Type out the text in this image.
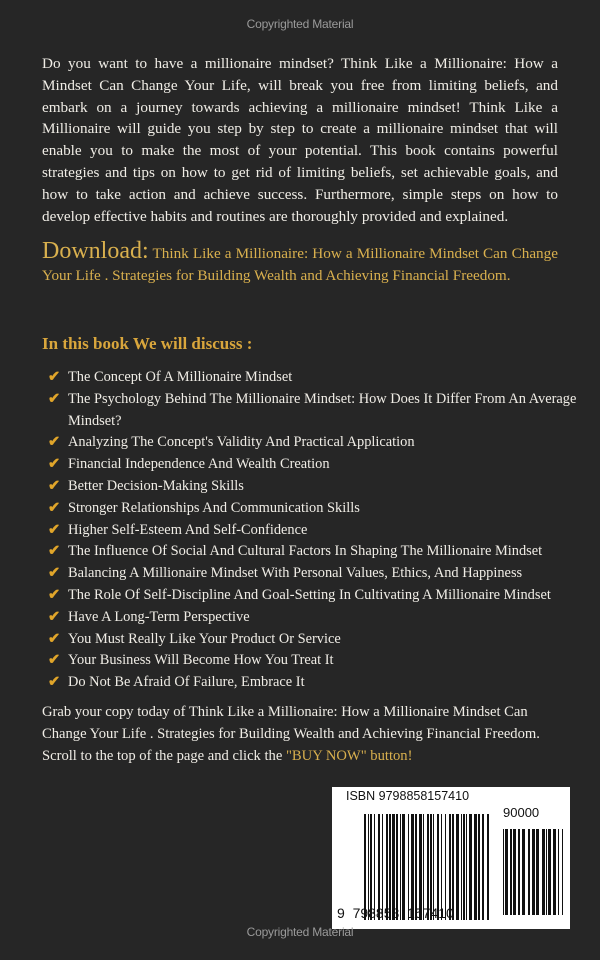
Copyrighted Material

Do you want to have a millionaire mindset? Think Like a Millionaire: How a Mindset Can Change Your Life, will break you free from limiting beliefs, and embark on a journey towards achieving a millionaire mindset! Think Like a Millionaire will guide you step by step to create a millionaire mindset that will enable you to make the most of your potential. This book contains powerful strategies and tips on how to get rid of limiting beliefs, set achievable goals, and how to take action and achieve success. Furthermore, simple steps on how to develop effective habits and routines are thoroughly provided and explained.

Download: Think Like a Millionaire: How a Millionaire Mindset Can Change Your Life . Strategies for Building Wealth and Achieving Financial Freedom.

In this book We will discuss :
✔ The Concept Of A Millionaire Mindset
✔ The Psychology Behind The Millionaire Mindset: How Does It Differ From An Average Mindset?
✔ Analyzing The Concept's Validity And Practical Application
✔ Financial Independence And Wealth Creation
✔ Better Decision-Making Skills
✔ Stronger Relationships And Communication Skills
✔ Higher Self-Esteem And Self-Confidence
✔ The Influence Of Social And Cultural Factors In Shaping The Millionaire Mindset
✔ Balancing A Millionaire Mindset With Personal Values, Ethics, And Happiness
✔ The Role Of Self-Discipline And Goal-Setting In Cultivating A Millionaire Mindset
✔ Have A Long-Term Perspective
✔ You Must Really Like Your Product Or Service
✔ Your Business Will Become How You Treat It
✔ Do Not Be Afraid Of Failure, Embrace It

Grab your copy today of Think Like a Millionaire: How a Millionaire Mindset Can Change Your Life . Strategies for Building Wealth and Achieving Financial Freedom. Scroll to the top of the page and click the "BUY NOW" button!

ISBN 9798858157410
90000
9  798858  157410
Copyrighted Material
